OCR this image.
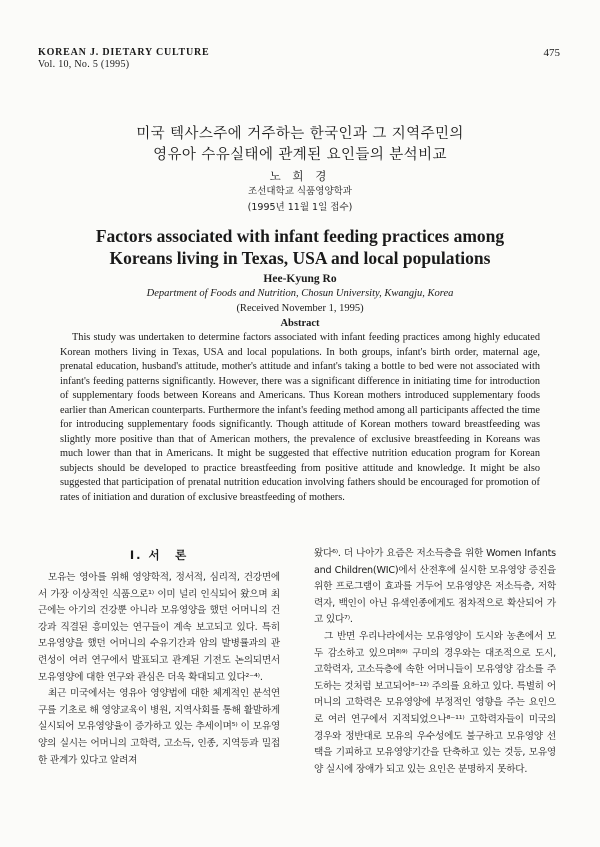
KOREAN J. DIETARY CULTURE
Vol. 10, No. 5 (1995)
475
미국 텍사스주에 거주하는 한국인과 그 지역주민의
영유아 수유실태에 관계된 요인들의 분석비교
노 희 경
조선대학교 식품영양학과
(1995년 11월 1일 접수)
Factors associated with infant feeding practices among
Koreans living in Texas, USA and local populations
Hee-Kyung Ro
Department of Foods and Nutrition, Chosun University, Kwangju, Korea
(Received November 1, 1995)
Abstract
This study was undertaken to determine factors associated with infant feeding practices among highly educated Korean mothers living in Texas, USA and local populations. In both groups, infant's birth order, maternal age, prenatal education, husband's attitude, mother's attitude and infant's taking a bottle to bed were not associated with infant's feeding patterns significantly. However, there was a significant difference in initiating time for introduction of supplementary foods between Koreans and Americans. Thus Korean mothers introduced supplementary foods earlier than American counterparts. Furthermore the infant's feeding method among all participants affected the time for introducing supplementary foods significantly. Though attitude of Korean mothers toward breastfeeding was slightly more positive than that of American mothers, the prevalence of exclusive breastfeeding in Koreans was much lower than that in Americans. It might be suggested that effective nutrition education program for Korean subjects should be developed to practice breastfeeding from positive attitude and knowledge. It might be also suggested that participation of prenatal nutrition education involving fathers should be encouraged for promotion of rates of initiation and duration of exclusive breastfeeding of mothers.
I. 서　론

모유는 영아를 위해 영양학적, 정서적, 심리적, 건강면에서 가장 이상적인 식품으로¹⁾ 이미 널리 인식되어 왔으며 최근에는 아기의 건강뿐 아니라 모유영양을 했던 어머니의 건강과 직결된 흥미있는 연구들이 계속 보고되고 있다. 특히 모유영양을 했던 어머니의 수유기간과 암의 발병률과의 관련성이 여러 연구에서 발표되고 관계된 기전도 논의되면서 모유영양에 대한 연구와 관심은 더욱 확대되고 있다²⁻⁴⁾.

최근 미국에서는 영유아 영양법에 대한 체계적인 분석연구를 기초로 해 영양교육이 병원, 지역사회를 통해 활발하게 실시되어 모유영양율이 증가하고 있는 추세이며⁵⁾ 이 모유영양의 실시는 어머니의 고학력, 고소득, 인종, 지역등과 밀접한 관계가 있다고 알려져

왔다⁶⁾. 더 나아가 요즘은 저소득층을 위한 Women Infants and Children(WIC)에서 산전후에 실시한 모유영양 증진을 위한 프로그램이 효과를 거두어 모유영양은 저소득층, 저학력자, 백인이 아닌 유색인종에게도 점차적으로 확산되어 가고 있다⁷⁾.

그 반면 우리나라에서는 모유영양이 도시와 농촌에서 모두 감소하고 있으며⁸⁾⁹⁾ 구미의 경우와는 대조적으로 도시, 고학력자, 고소득층에 속한 어머니들이 모유영양 감소를 주도하는 것처럼 보고되어⁸⁻¹²⁾ 주의를 요하고 있다. 특별히 어머니의 고학력은 모유영양에 부정적인 영향을 주는 요인으로 여러 연구에서 지적되었으나⁸⁻¹¹⁾ 고학력자들이 미국의 경우와 정반대로 모유의 우수성에도 불구하고 모유영양 선택을 기피하고 모유영양기간을 단축하고 있는 것등, 모유영양 실시에 장애가 되고 있는 요인은 분명하지 못하다.
